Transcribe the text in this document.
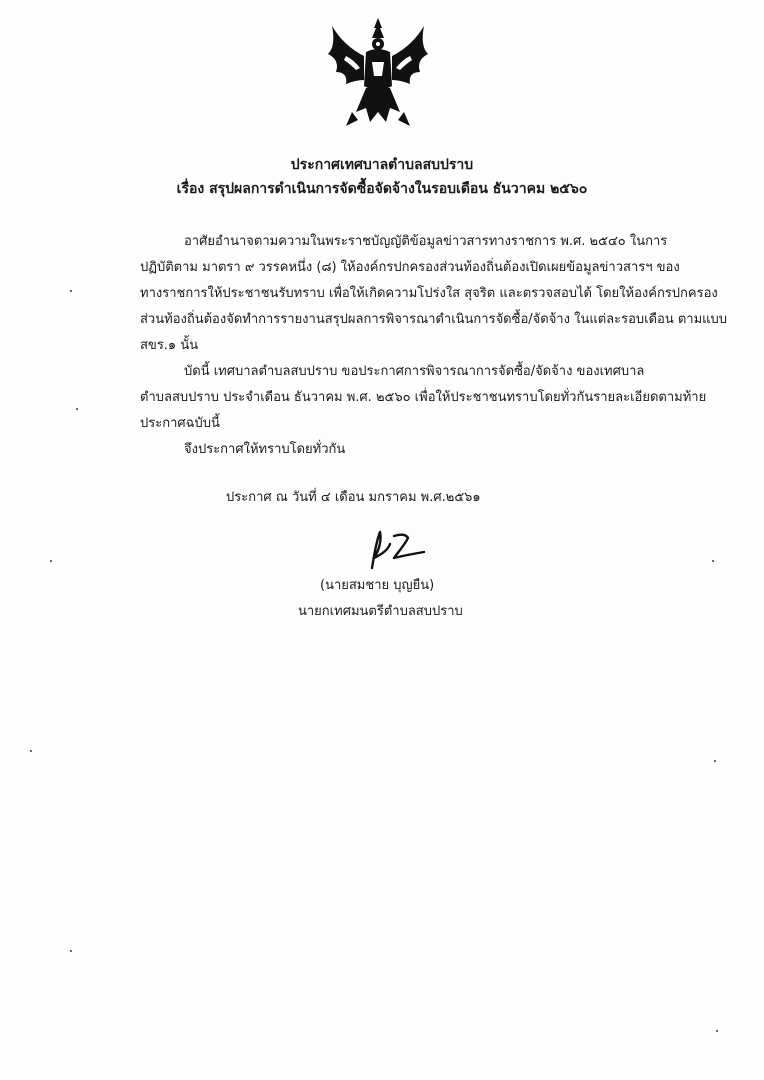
ประกาศเทศบาลตำบลสบปราบ
เรื่อง สรุปผลการดำเนินการจัดซื้อจัดจ้างในรอบเดือน ธันวาคม ๒๕๖๐
อาศัยอำนาจตามความในพระราชบัญญัติข้อมูลข่าวสารทางราชการ พ.ศ. ๒๕๔๐ ในการ
ปฏิบัติตาม มาตรา ๙ วรรคหนึ่ง (๘) ให้องค์กรปกครองส่วนท้องถิ่นต้องเปิดเผยข้อมูลข่าวสารฯ ของ
ทางราชการให้ประชาชนรับทราบ เพื่อให้เกิดความโปร่งใส สุจริต และตรวจสอบได้ โดยให้องค์กรปกครอง
ส่วนท้องถิ่นต้องจัดทำการรายงานสรุปผลการพิจารณาดำเนินการจัดซื้อ/จัดจ้าง ในแต่ละรอบเดือน ตามแบบ
สขร.๑ นั้น
บัดนี้ เทศบาลตำบลสบปราบ ขอประกาศการพิจารณาการจัดซื้อ/จัดจ้าง ของเทศบาล
ตำบลสบปราบ ประจำเดือน ธันวาคม พ.ศ. ๒๕๖๐ เพื่อให้ประชาชนทราบโดยทั่วกันรายละเอียดตามท้าย
ประกาศฉบับนี้
จึงประกาศให้ทราบโดยทั่วกัน
ประกาศ ณ วันที่ ๔ เดือน มกราคม พ.ศ.๒๕๖๑
(นายสมชาย บุญยืน)
นายกเทศมนตรีตำบลสบปราบ
